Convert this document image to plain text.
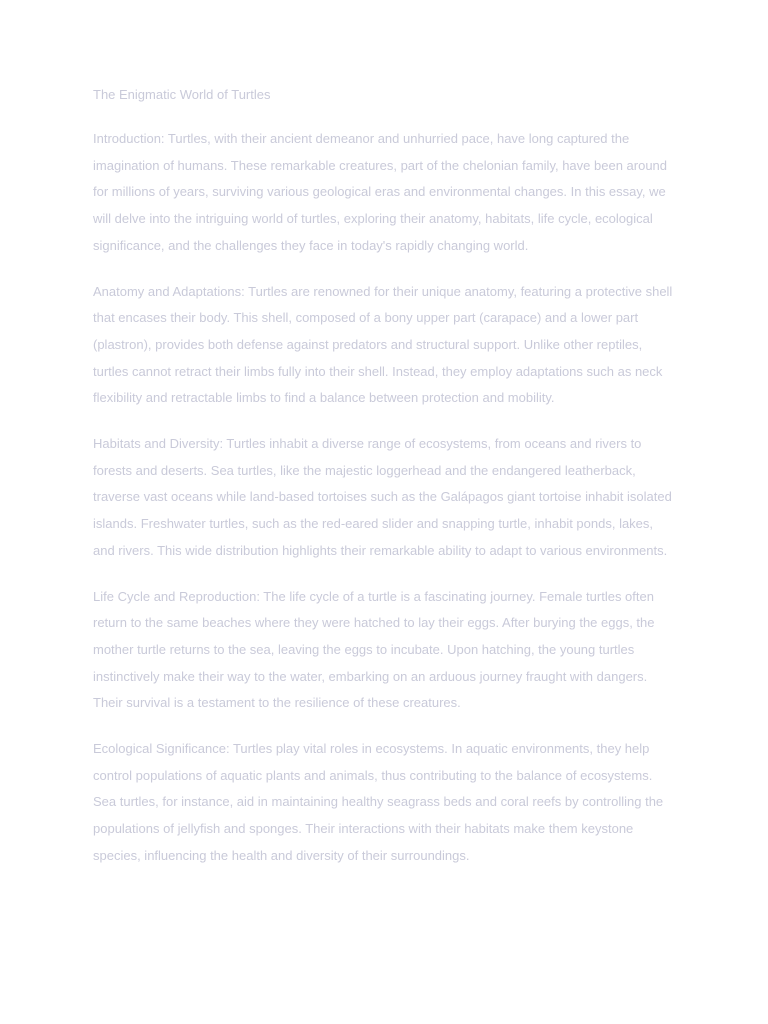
The Enigmatic World of Turtles

Introduction: Turtles, with their ancient demeanor and unhurried pace, have long captured the imagination of humans. These remarkable creatures, part of the chelonian family, have been around for millions of years, surviving various geological eras and environmental changes. In this essay, we will delve into the intriguing world of turtles, exploring their anatomy, habitats, life cycle, ecological significance, and the challenges they face in today's rapidly changing world.

Anatomy and Adaptations: Turtles are renowned for their unique anatomy, featuring a protective shell that encases their body. This shell, composed of a bony upper part (carapace) and a lower part (plastron), provides both defense against predators and structural support. Unlike other reptiles, turtles cannot retract their limbs fully into their shell. Instead, they employ adaptations such as neck flexibility and retractable limbs to find a balance between protection and mobility.

Habitats and Diversity: Turtles inhabit a diverse range of ecosystems, from oceans and rivers to forests and deserts. Sea turtles, like the majestic loggerhead and the endangered leatherback, traverse vast oceans while land-based tortoises such as the Galápagos giant tortoise inhabit isolated islands. Freshwater turtles, such as the red-eared slider and snapping turtle, inhabit ponds, lakes, and rivers. This wide distribution highlights their remarkable ability to adapt to various environments.

Life Cycle and Reproduction: The life cycle of a turtle is a fascinating journey. Female turtles often return to the same beaches where they were hatched to lay their eggs. After burying the eggs, the mother turtle returns to the sea, leaving the eggs to incubate. Upon hatching, the young turtles instinctively make their way to the water, embarking on an arduous journey fraught with dangers. Their survival is a testament to the resilience of these creatures.

Ecological Significance: Turtles play vital roles in ecosystems. In aquatic environments, they help control populations of aquatic plants and animals, thus contributing to the balance of ecosystems. Sea turtles, for instance, aid in maintaining healthy seagrass beds and coral reefs by controlling the populations of jellyfish and sponges. Their interactions with their habitats make them keystone species, influencing the health and diversity of their surroundings.
